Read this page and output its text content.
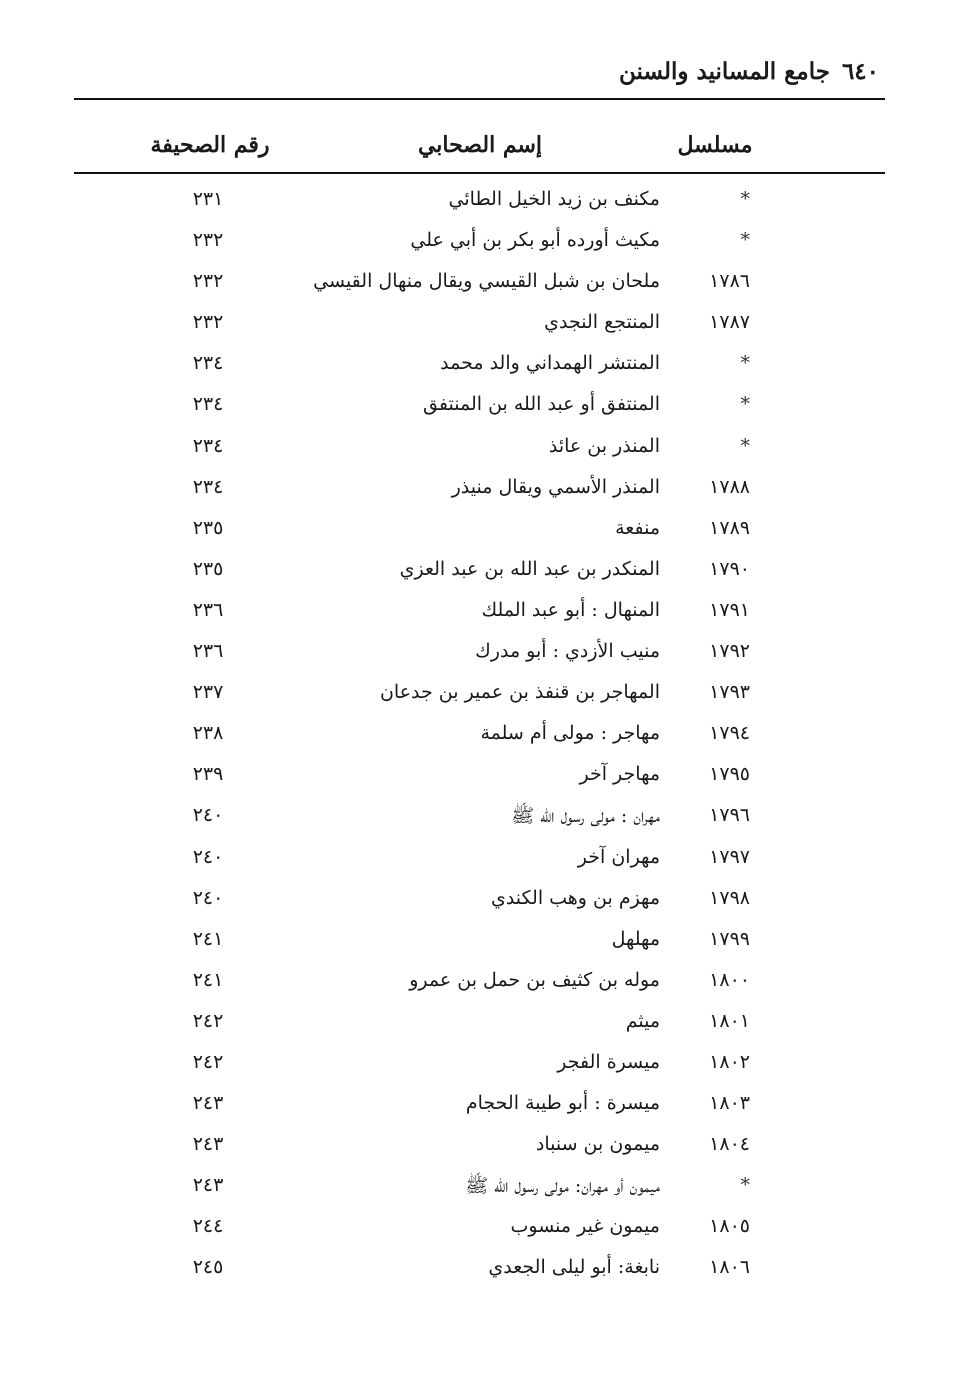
٦٤٠جامع المسانيد والسنن
مسلسل
إسم الصحابي
رقم الصحيفة
*
مكنف بن زيد الخيل الطائي
٢٣١
*
مكيث أورده أبو بكر بن أبي علي
٢٣٢
١٧٨٦
ملحان بن شبل القيسي ويقال منهال القيسي
٢٣٢
١٧٨٧
المنتجع النجدي
٢٣٢
*
المنتشر الهمداني والد محمد
٢٣٤
*
المنتفق أو عبد الله بن المنتفق
٢٣٤
*
المنذر بن عائذ
٢٣٤
١٧٨٨
المنذر الأسمي ويقال منيذر
٢٣٤
١٧٨٩
منفعة
٢٣٥
١٧٩٠
المنكدر بن عبد الله بن عبد العزي
٢٣٥
١٧٩١
المنهال : أبو عبد الملك
٢٣٦
١٧٩٢
منيب الأزدي : أبو مدرك
٢٣٦
١٧٩٣
المهاجر بن قنفذ بن عمير بن جدعان
٢٣٧
١٧٩٤
مهاجر : مولى أم سلمة
٢٣٨
١٧٩٥
مهاجر آخر
٢٣٩
١٧٩٦
مهران : مولى رسول الله ﷺ
٢٤٠
١٧٩٧
مهران آخر
٢٤٠
١٧٩٨
مهزم بن وهب الكندي
٢٤٠
١٧٩٩
مهلهل
٢٤١
١٨٠٠
موله بن كثيف بن حمل بن عمرو
٢٤١
١٨٠١
ميثم
٢٤٢
١٨٠٢
ميسرة الفجر
٢٤٢
١٨٠٣
ميسرة : أبو طيبة الحجام
٢٤٣
١٨٠٤
ميمون بن سنباد
٢٤٣
*
ميمون أو مهران: مولى رسول الله ﷺ
٢٤٣
١٨٠٥
ميمون غير منسوب
٢٤٤
١٨٠٦
نابغة: أبو ليلى الجعدي
٢٤٥
